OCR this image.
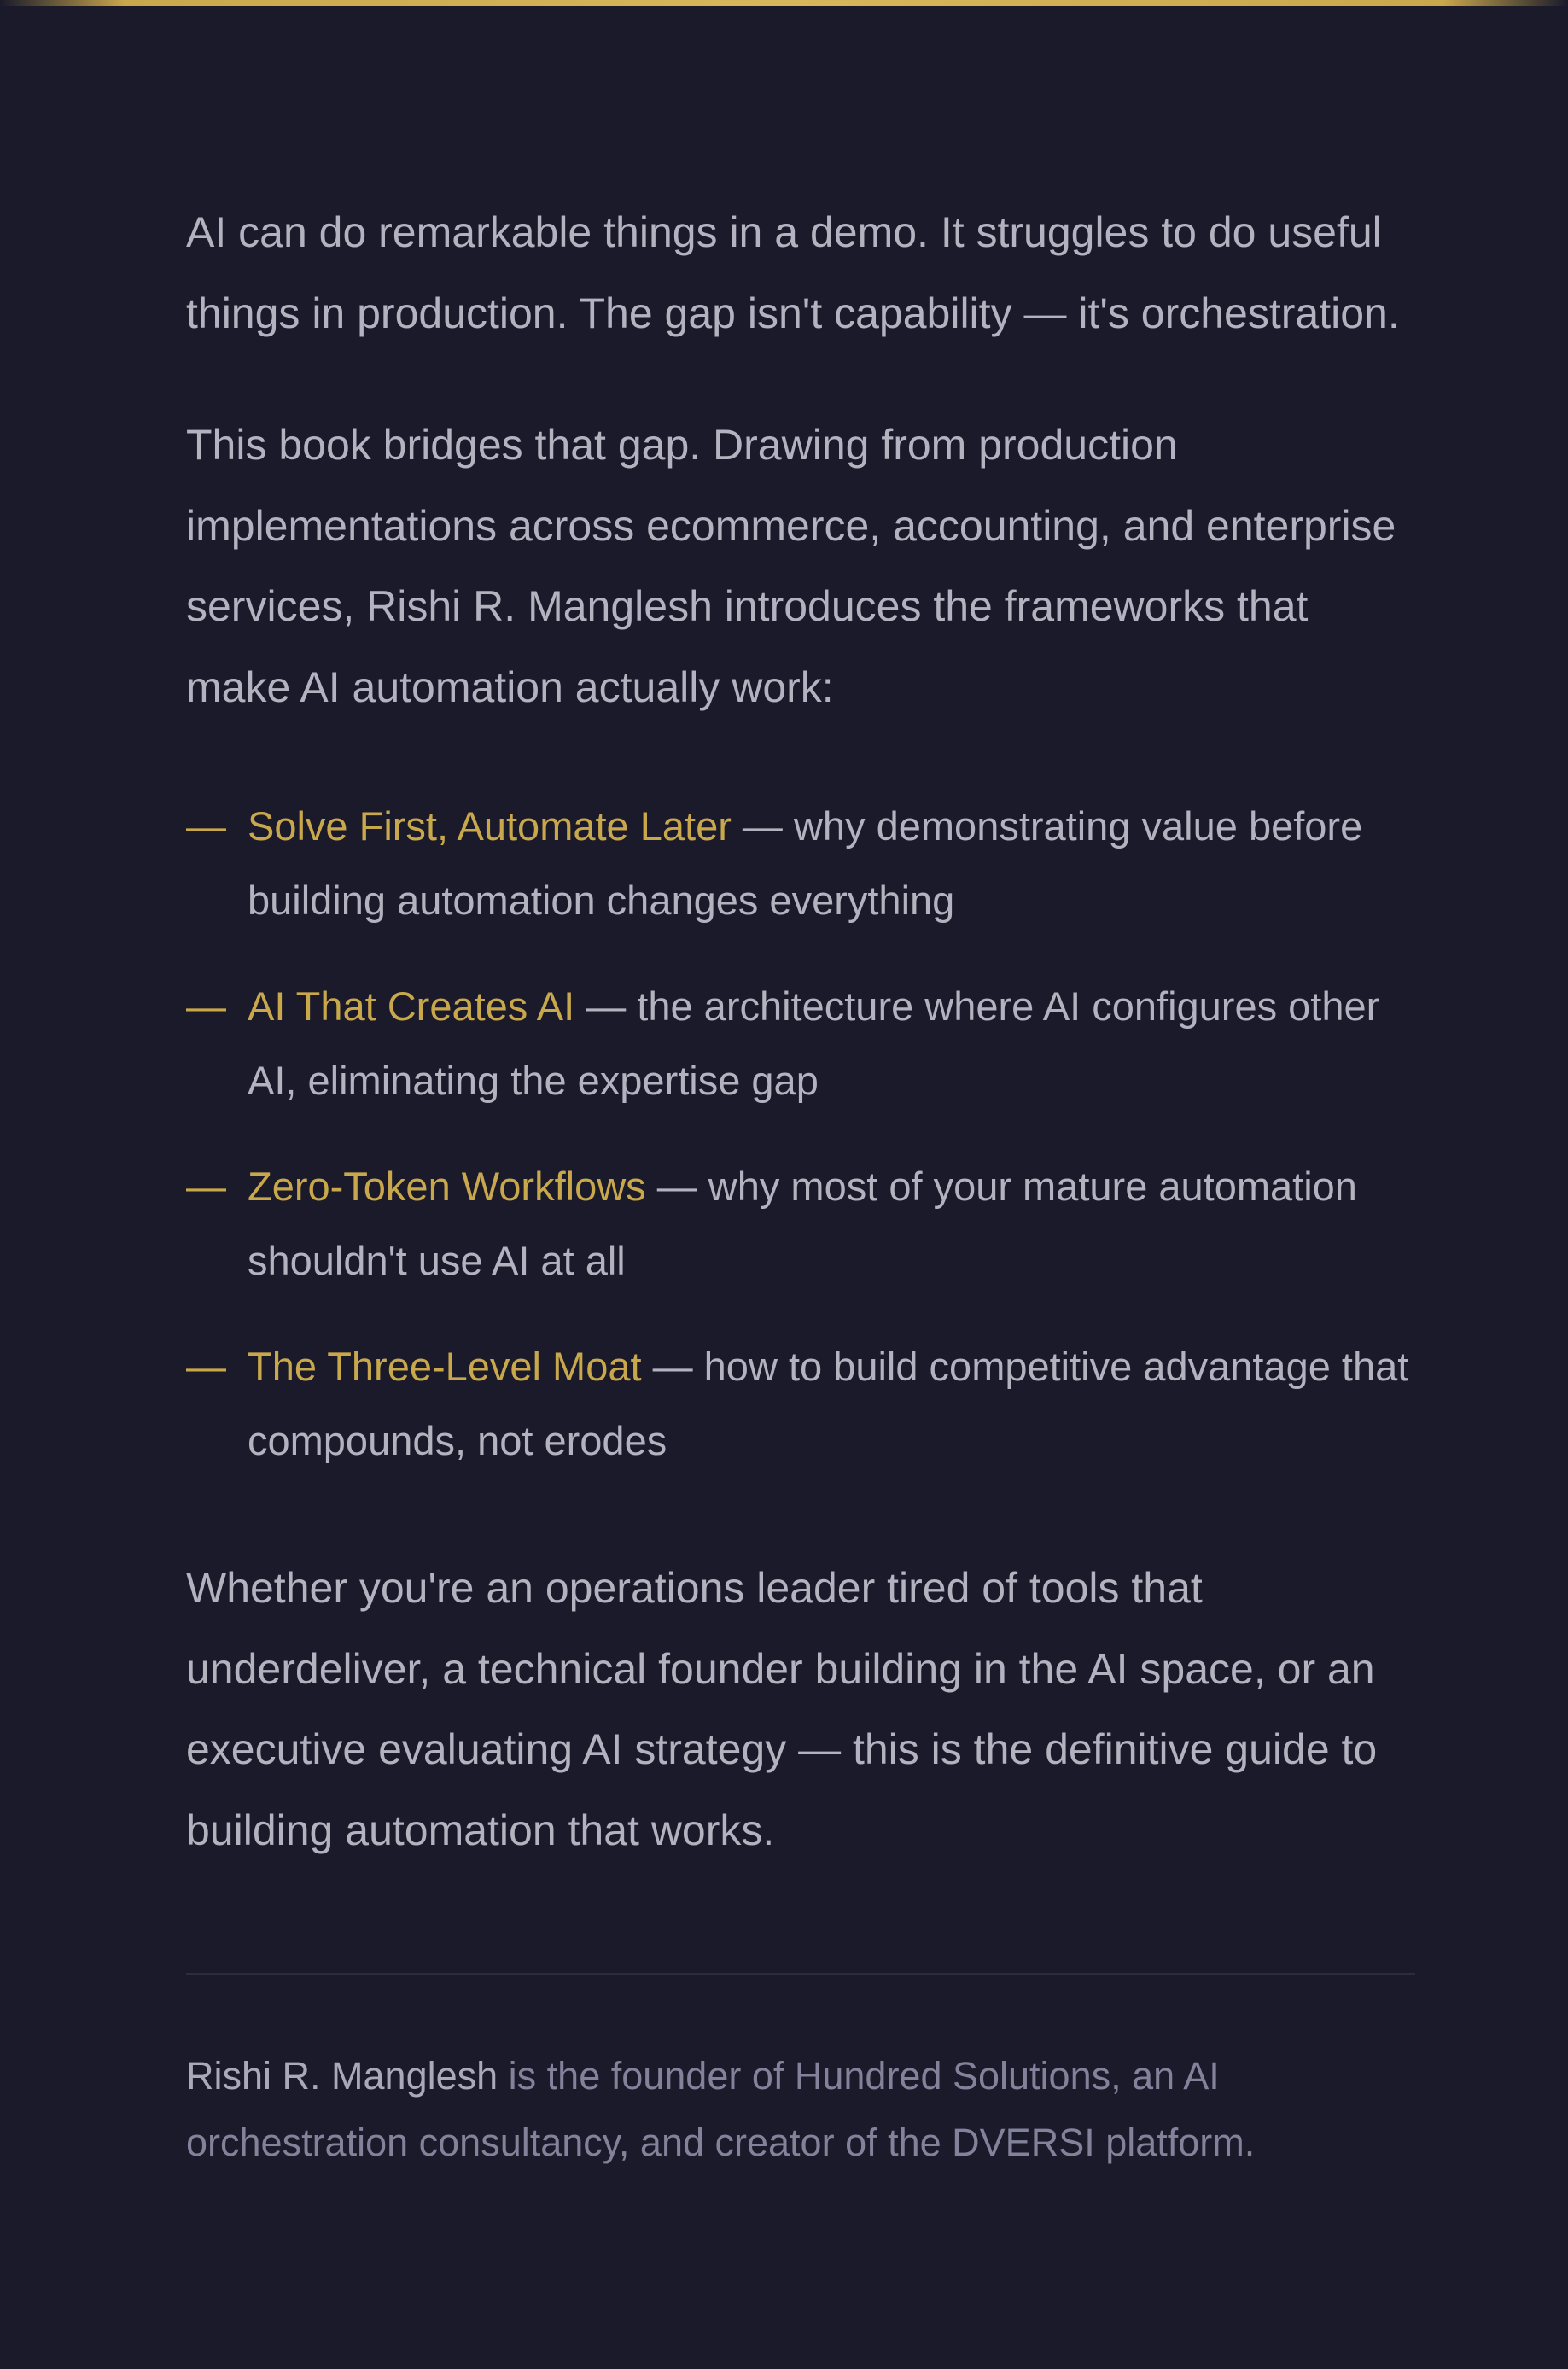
AI can do remarkable things in a demo. It struggles to do useful things in production. The gap isn't capability — it's orchestration.

This book bridges that gap. Drawing from production implementations across ecommerce, accounting, and enterprise services, Rishi R. Manglesh introduces the frameworks that make AI automation actually work:

— Solve First, Automate Later — why demonstrating value before building automation changes everything
— AI That Creates AI — the architecture where AI configures other AI, eliminating the expertise gap
— Zero-Token Workflows — why most of your mature automation shouldn't use AI at all
— The Three-Level Moat — how to build competitive advantage that compounds, not erodes

Whether you're an operations leader tired of tools that underdeliver, a technical founder building in the AI space, or an executive evaluating AI strategy — this is the definitive guide to building automation that works.

Rishi R. Manglesh is the founder of Hundred Solutions, an AI orchestration consultancy, and creator of the DVERSI platform.
